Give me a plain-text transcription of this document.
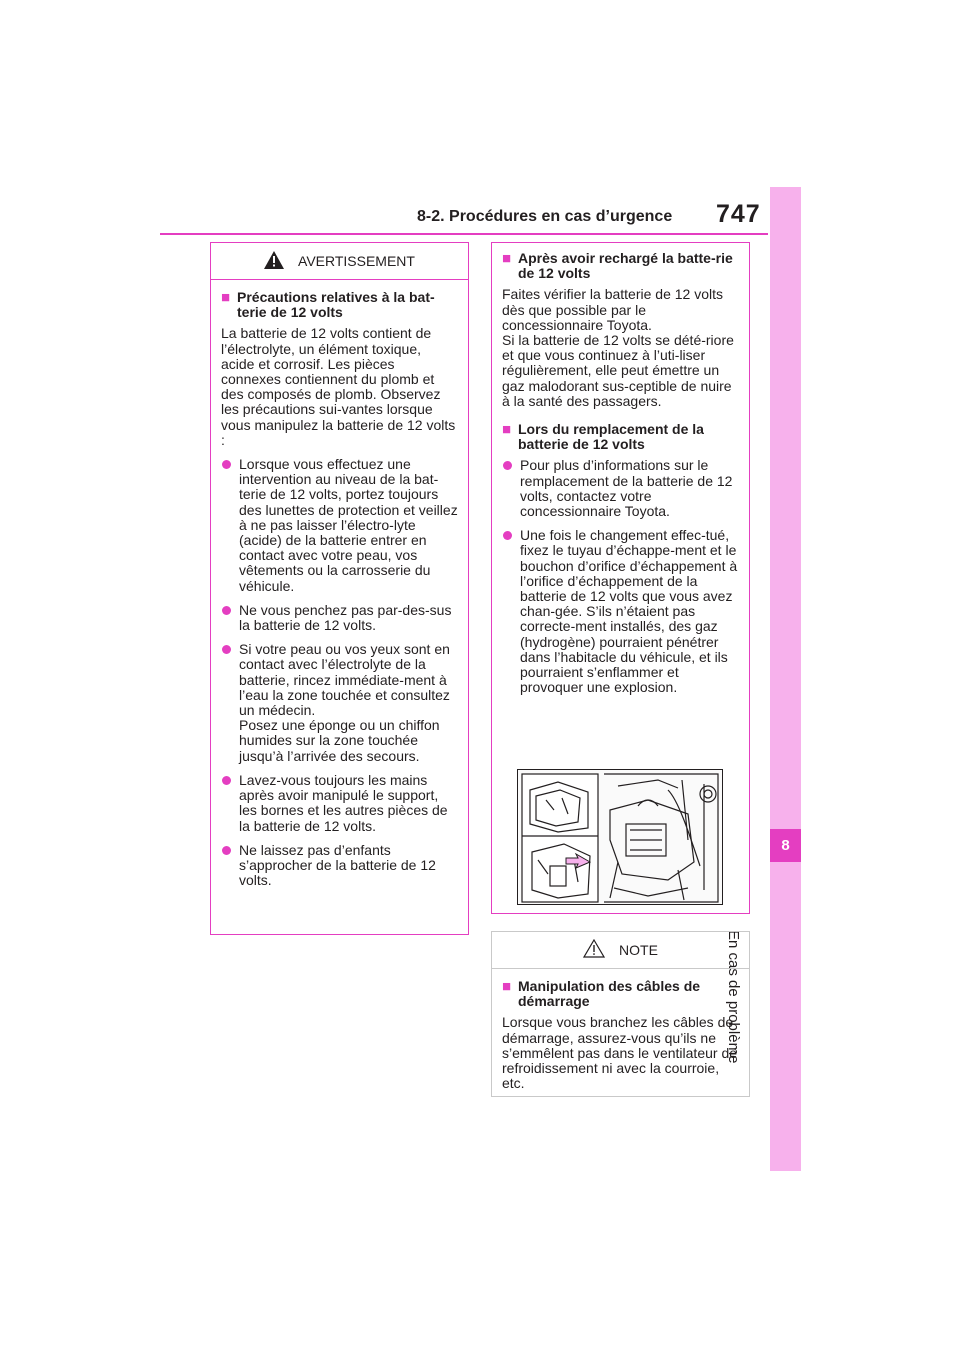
8-2. Procédures en cas d’urgence 747
8
En cas de problème
AVERTISSEMENT
■ Précautions relatives à la bat-terie de 12 volts
La batterie de 12 volts contient de l’électrolyte, un élément toxique, acide et corrosif. Les pièces connexes contiennent du plomb et des composés de plomb. Observez les précautions sui-vantes lorsque vous manipulez la batterie de 12 volts :
Lorsque vous effectuez une intervention au niveau de la bat-terie de 12 volts, portez toujours des lunettes de protection et veillez à ne pas laisser l’électro-lyte (acide) de la batterie entrer en contact avec votre peau, vos vêtements ou la carrosserie du véhicule.
Ne vous penchez pas par-des-sus la batterie de 12 volts.
Si votre peau ou vos yeux sont en contact avec l’électrolyte de la batterie, rincez immédiate-ment à l’eau la zone touchée et consultez un médecin.
Posez une éponge ou un chiffon humides sur la zone touchée jusqu’à l’arrivée des secours.
Lavez-vous toujours les mains après avoir manipulé le support, les bornes et les autres pièces de la batterie de 12 volts.
Ne laissez pas d’enfants s’approcher de la batterie de 12 volts.
■ Après avoir rechargé la batte-rie de 12 volts
Faites vérifier la batterie de 12 volts dès que possible par le concessionnaire Toyota.
Si la batterie de 12 volts se dété-riore et que vous continuez à l’uti-liser régulièrement, elle peut émettre un gaz malodorant sus-ceptible de nuire à la santé des passagers.
■ Lors du remplacement de la batterie de 12 volts
Pour plus d’informations sur le remplacement de la batterie de 12 volts, contactez votre concessionnaire Toyota.
Une fois le changement effec-tué, fixez le tuyau d’échappe-ment et le bouchon d’orifice d’échappement à l’orifice d’échappement de la batterie de 12 volts que vous avez chan-gée. S’ils n’étaient pas correcte-ment installés, des gaz (hydrogène) pourraient pénétrer dans l’habitacle du véhicule, et ils pourraient s’enflammer et provoquer une explosion.
NOTE
■ Manipulation des câbles de démarrage
Lorsque vous branchez les câbles de démarrage, assurez-vous qu’ils ne s’emmêlent pas dans le ventilateur de refroidissement ni avec la courroie, etc.
